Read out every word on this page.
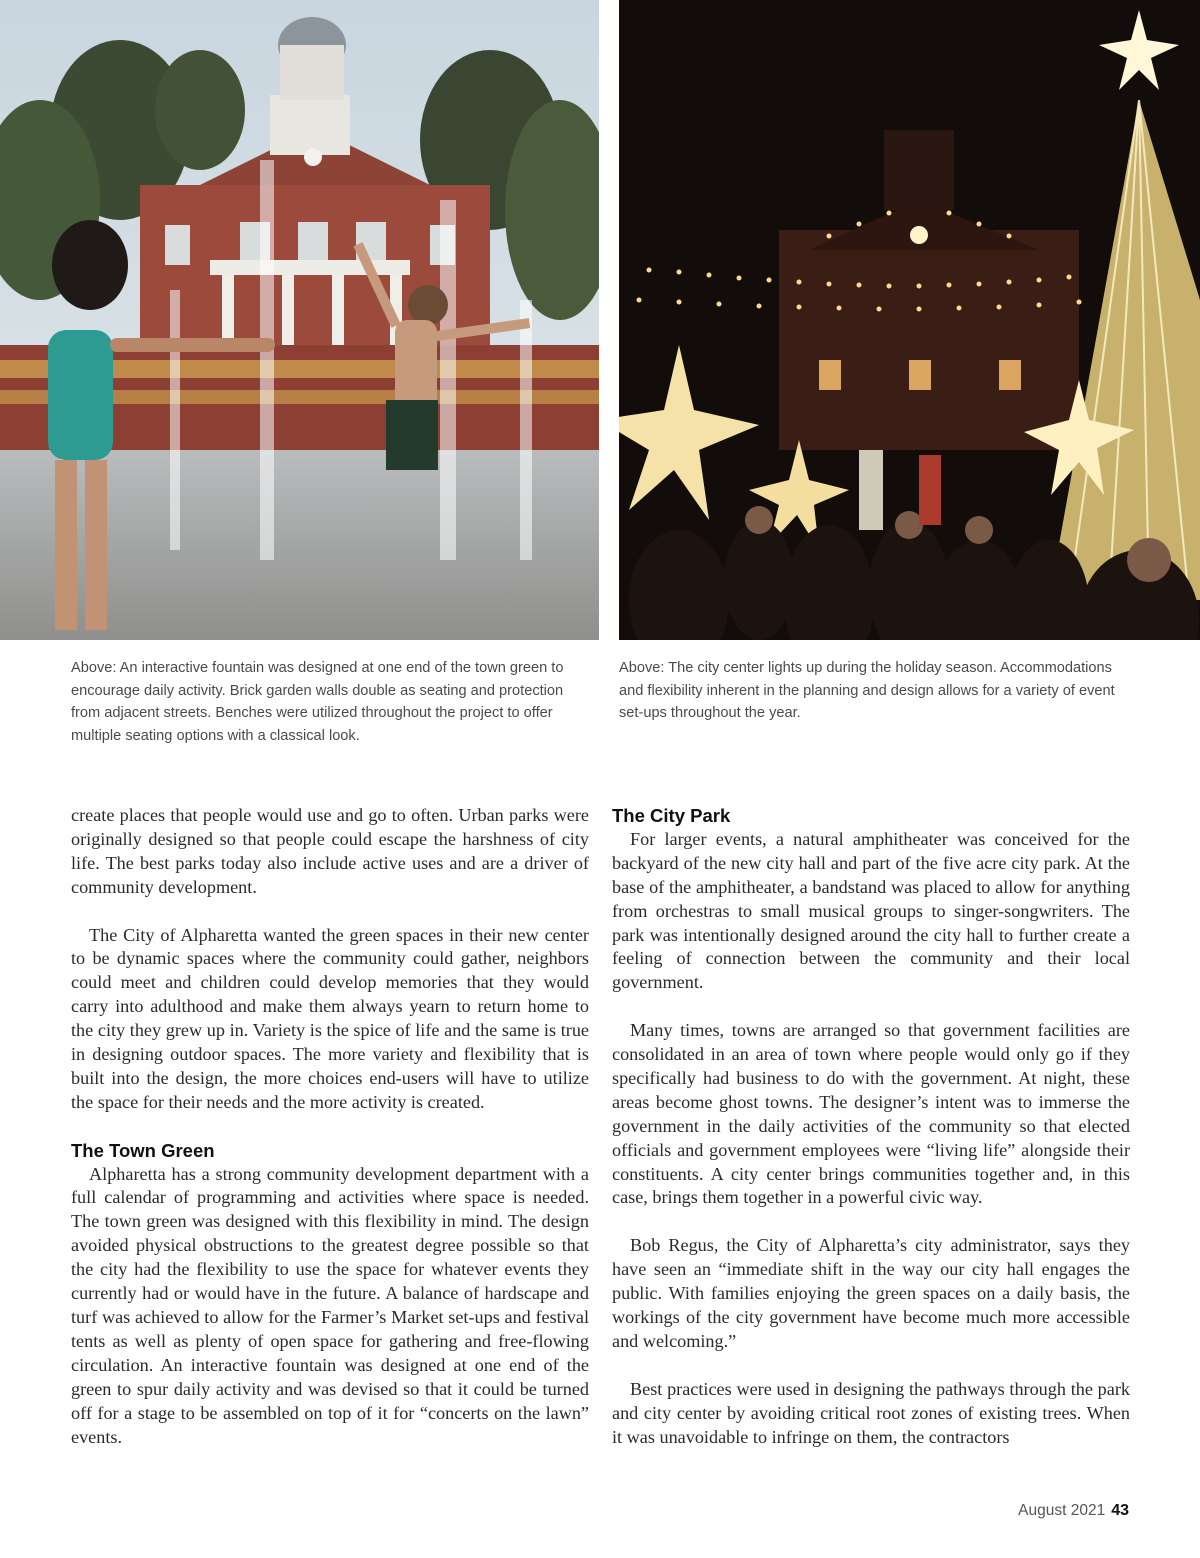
Above: An interactive fountain was designed at one end of the town green to encourage daily activity. Brick garden walls double as seating and protection from adjacent streets. Benches were utilized throughout the project to offer multiple seating options with a classical look.
Above: The city center lights up during the holiday season. Accommodations and flexibility inherent in the planning and design allows for a variety of event set-ups throughout the year.

create places that people would use and go to often. Urban parks were originally designed so that people could escape the harshness of city life. The best parks today also include active uses and are a driver of community development.

The City of Alpharetta wanted the green spaces in their new center to be dynamic spaces where the community could gather, neighbors could meet and children could develop memories that they would carry into adulthood and make them always yearn to return home to the city they grew up in. Variety is the spice of life and the same is true in designing outdoor spaces. The more variety and flexibility that is built into the design, the more choices end-users will have to utilize the space for their needs and the more activity is created.

The Town Green

Alpharetta has a strong community development department with a full calendar of programming and activities where space is needed. The town green was designed with this flexibility in mind. The design avoided physical obstructions to the greatest degree possible so that the city had the flexibility to use the space for whatever events they currently had or would have in the future. A balance of hardscape and turf was achieved to allow for the Farmer’s Market set-ups and festival tents as well as plenty of open space for gathering and free-flowing circulation. An interactive fountain was designed at one end of the green to spur daily activity and was devised so that it could be turned off for a stage to be assembled on top of it for “concerts on the lawn” events.

The City Park

For larger events, a natural amphitheater was conceived for the backyard of the new city hall and part of the five acre city park. At the base of the amphitheater, a bandstand was placed to allow for anything from orchestras to small musical groups to singer-songwriters. The park was intentionally designed around the city hall to further create a feeling of connection between the community and their local government.

Many times, towns are arranged so that government facilities are consolidated in an area of town where people would only go if they specifically had business to do with the government. At night, these areas become ghost towns. The designer’s intent was to immerse the government in the daily activities of the community so that elected officials and government employees were “living life” alongside their constituents. A city center brings communities together and, in this case, brings them together in a powerful civic way.

Bob Regus, the City of Alpharetta’s city administrator, says they have seen an “immediate shift in the way our city hall engages the public. With families enjoying the green spaces on a daily basis, the workings of the city government have become much more accessible and welcoming.”

Best practices were used in designing the pathways through the park and city center by avoiding critical root zones of existing trees. When it was unavoidable to infringe on them, the contractors

August 2021 43
